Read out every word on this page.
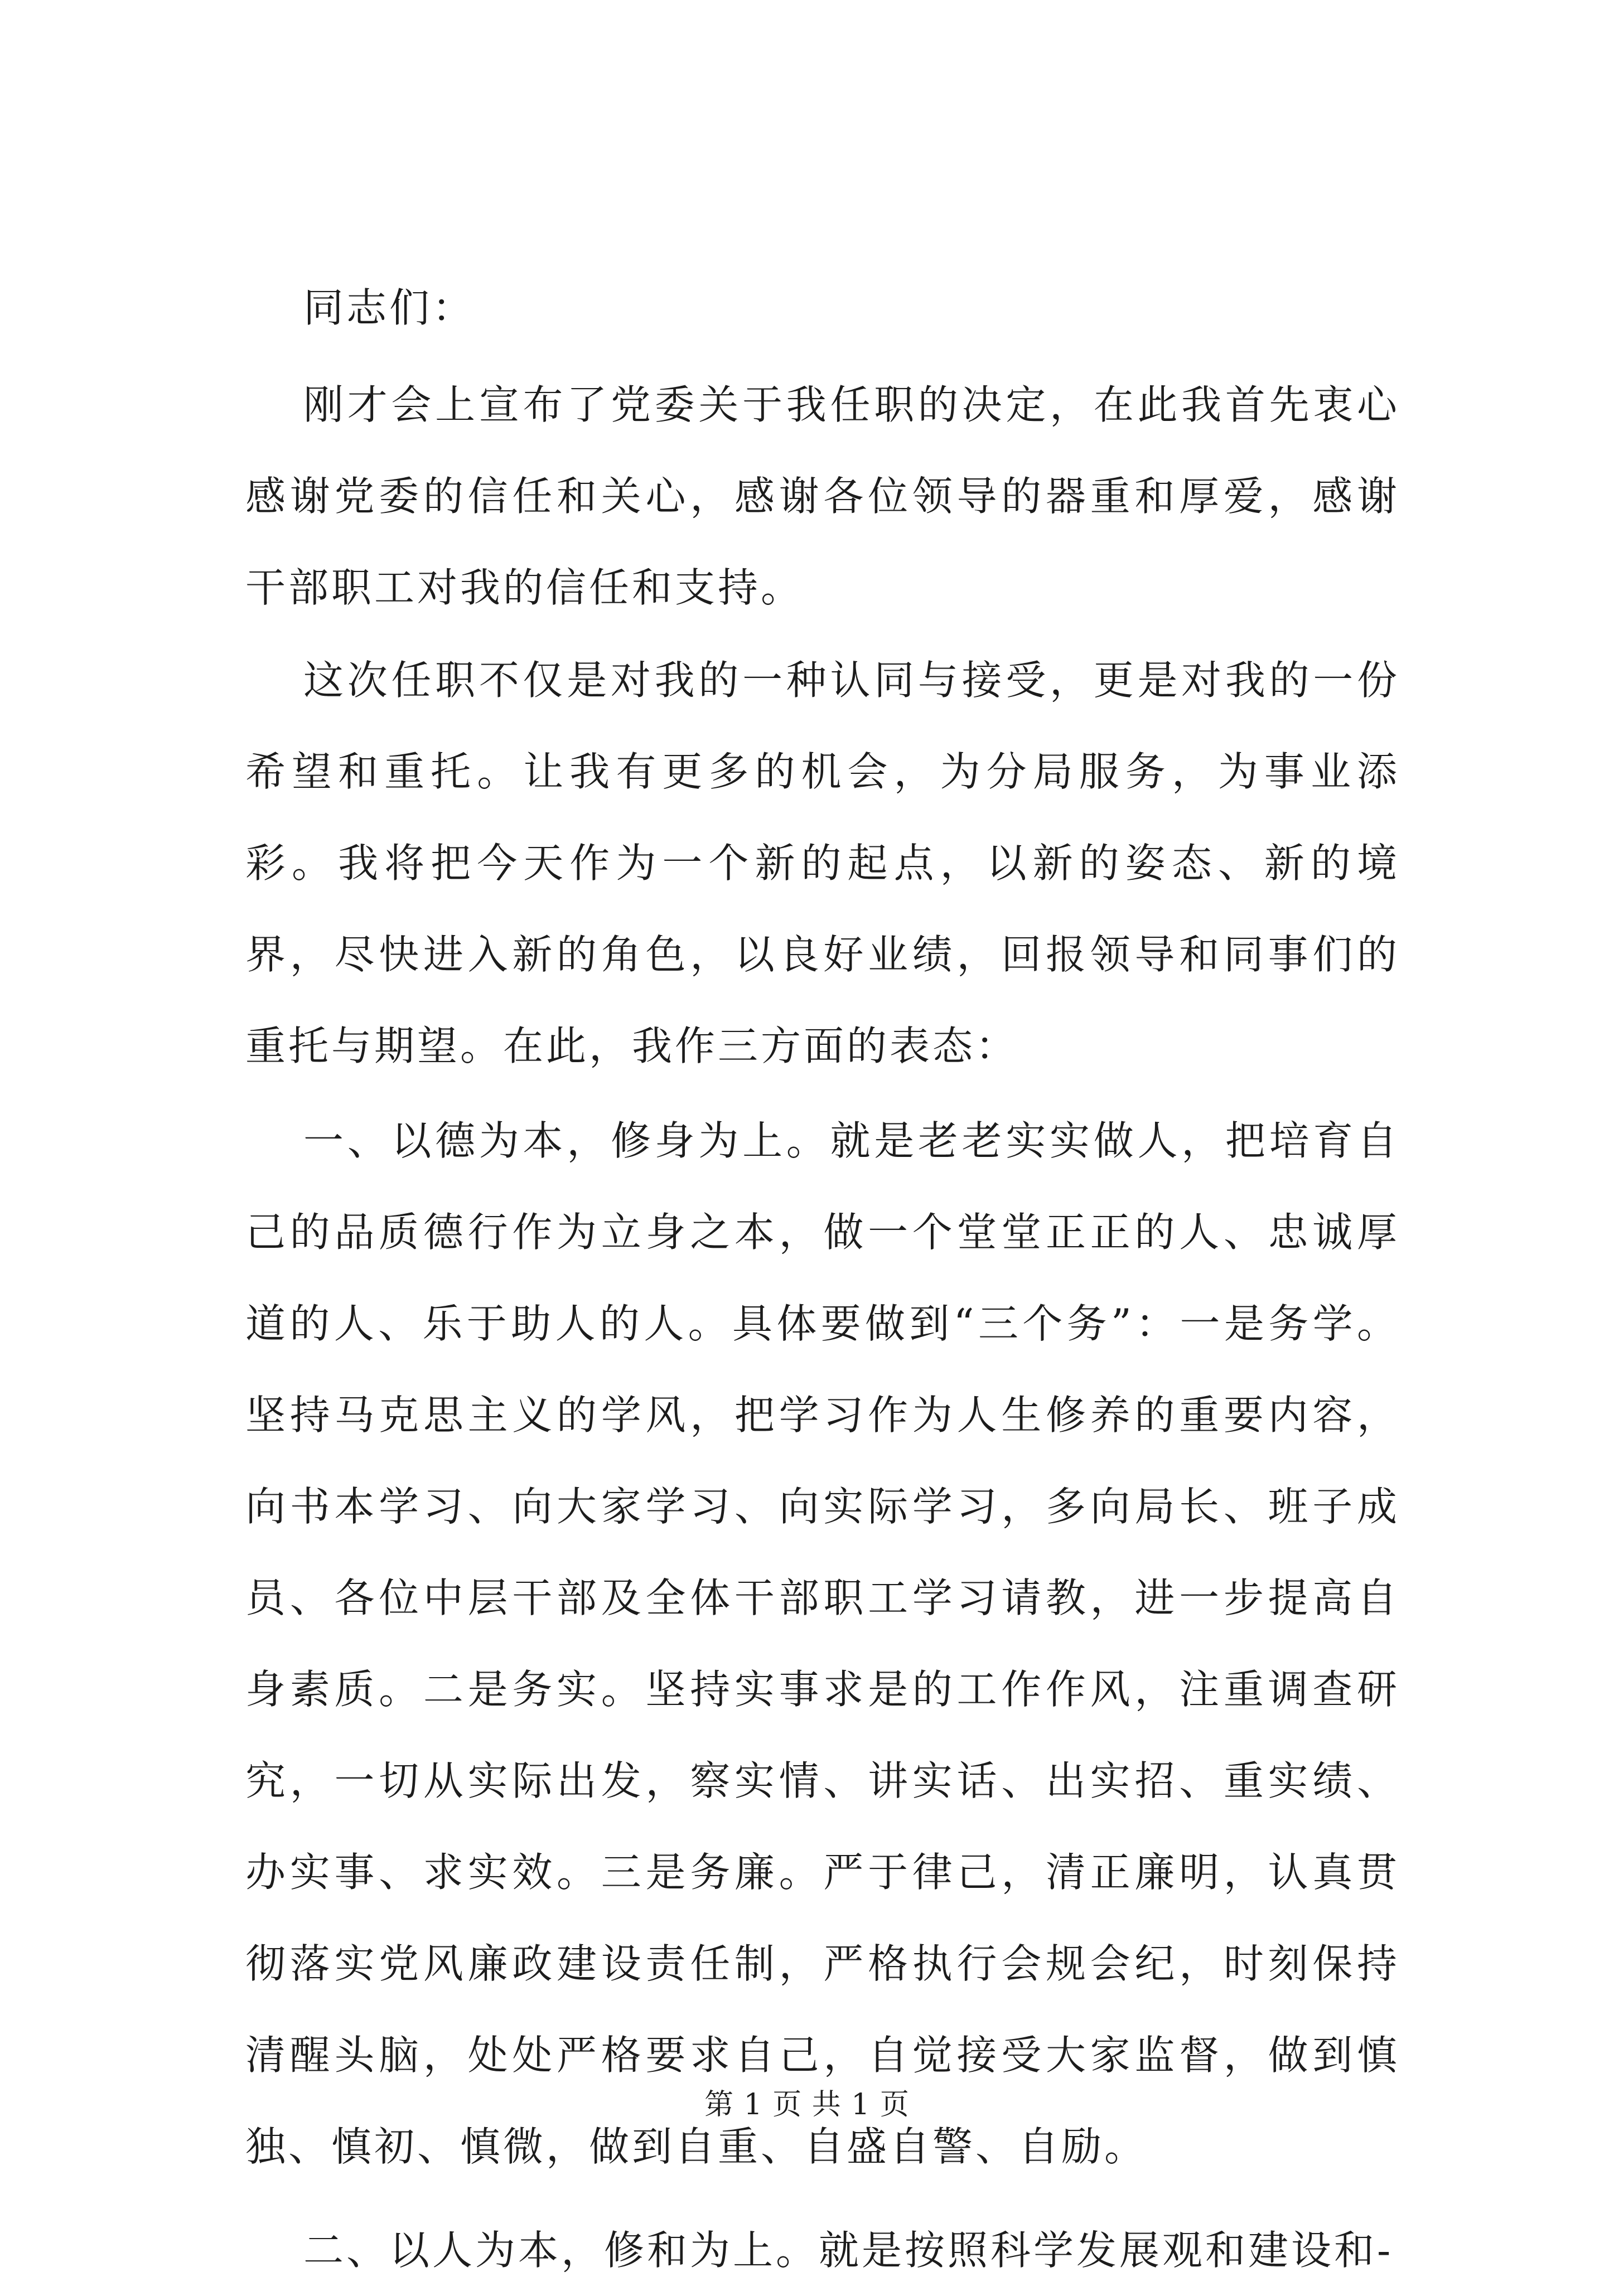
同志们：

刚才会上宣布了党委关于我任职的决定，在此我首先衷心感谢党委的信任和关心，感谢各位领导的器重和厚爱，感谢干部职工对我的信任和支持。

这次任职不仅是对我的一种认同与接受，更是对我的一份希望和重托。让我有更多的机会，为分局服务，为事业添彩。我将把今天作为一个新的起点，以新的姿态、新的境界，尽快进入新的角色，以良好业绩，回报领导和同事们的重托与期望。在此，我作三方面的表态：

一、以德为本，修身为上。就是老老实实做人，把培育自己的品质德行作为立身之本，做一个堂堂正正的人、忠诚厚道的人、乐于助人的人。具体要做到“三个务”：一是务学。坚持马克思主义的学风，把学习作为人生修养的重要内容，向书本学习、向大家学习、向实际学习，多向局长、班子成员、各位中层干部及全体干部职工学习请教，进一步提高自身素质。二是务实。坚持实事求是的工作作风，注重调查研究，一切从实际出发，察实情、讲实话、出实招、重实绩、办实事、求实效。三是务廉。严于律己，清正廉明，认真贯彻落实党风廉政建设责任制，严格执行会规会纪，时刻保持清醒头脑，处处严格要求自己，自觉接受大家监督，做到慎独、慎初、慎微，做到自重、自盛自警、自励。

二、以人为本，修和为上。就是按照科学发展观和建设和-

第 1 页 共 1 页
